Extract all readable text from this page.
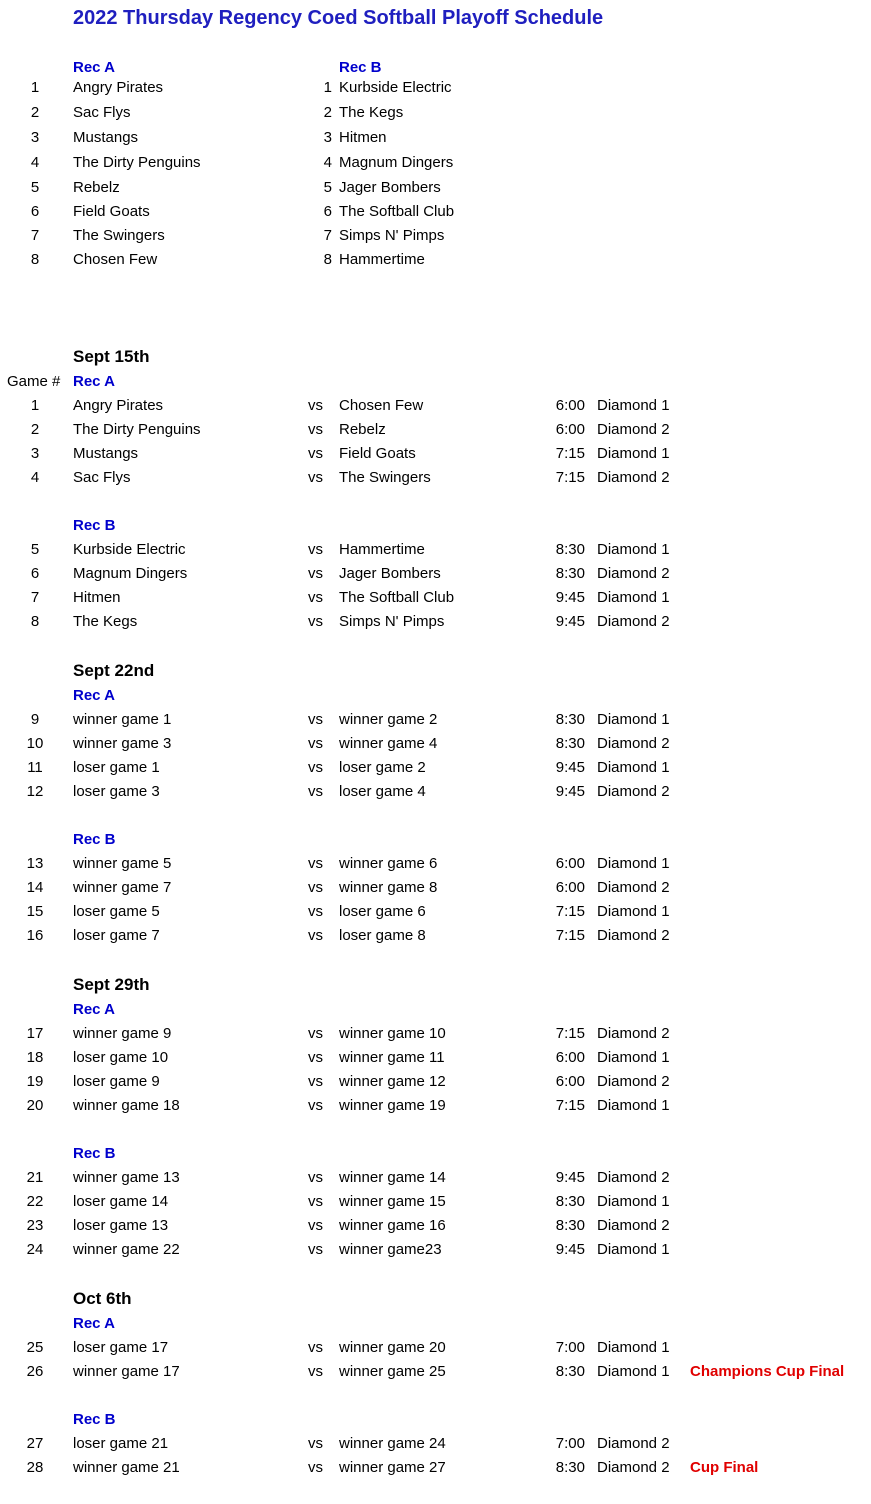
2022 Thursday Regency Coed Softball Playoff Schedule
Rec A	Rec B
1	Angry Pirates
2	Sac Flys
3	Mustangs
4	The Dirty Penguins
5	Rebelz
6	Field Goats
7	The Swingers
8	Chosen Few
1 Kurbside Electric
2 The Kegs
3 Hitmen
4 Magnum Dingers
5 Jager Bombers
6 The Softball Club
7 Simps N' Pimps
8 Hammertime
Game #
Sept 15th
Rec A
1	Angry Pirates	vs Chosen Few	6:00 Diamond 1
2	The Dirty Penguins	vs Rebelz	6:00 Diamond 2
3	Mustangs	vs Field Goats	7:15 Diamond 1
4	Sac Flys	vs The Swingers	7:15 Diamond 2
Rec B
5	Kurbside Electric	vs Hammertime	8:30 Diamond 1
6	Magnum Dingers	vs Jager Bombers	8:30 Diamond 2
7	Hitmen	vs The Softball Club	9:45 Diamond 1
8	The Kegs	vs Simps N' Pimps	9:45 Diamond 2
Sept 22nd
Rec A
9	winner game 1	vs winner game 2	8:30 Diamond 1
10	winner game 3	vs winner game 4	8:30 Diamond 2
11	loser game 1	vs loser game 2	9:45 Diamond 1
12	loser game 3	vs loser game 4	9:45 Diamond 2
Rec B
13	winner game 5	vs winner game 6	6:00 Diamond 1
14	winner game 7	vs winner game 8	6:00 Diamond 2
15	loser game 5	vs loser game 6	7:15 Diamond 1
16	loser game 7	vs loser game 8	7:15 Diamond 2
Sept 29th
Rec A
17	winner game 9	vs winner game 10	7:15 Diamond 2
18	loser game 10	vs winner game 11	6:00 Diamond 1
19	loser game 9	vs winner game 12	6:00 Diamond 2
20	winner game 18	vs winner game 19	7:15 Diamond 1
Rec B
21	winner game 13	vs winner game 14	9:45 Diamond 2
22	loser game 14	vs winner game 15	8:30 Diamond 1
23	loser game 13	vs winner game 16	8:30 Diamond 2
24	winner game 22	vs winner game23	9:45 Diamond 1
Oct 6th
Rec A
25	loser game 17	vs winner game 20	7:00 Diamond 1
26	winner game 17	vs winner game 25	8:30 Diamond 1 Champions Cup Final
Rec B
27	loser game 21	vs winner game 24	7:00 Diamond 2
28	winner game 21	vs winner game 27	8:30 Diamond 2 Cup Final
